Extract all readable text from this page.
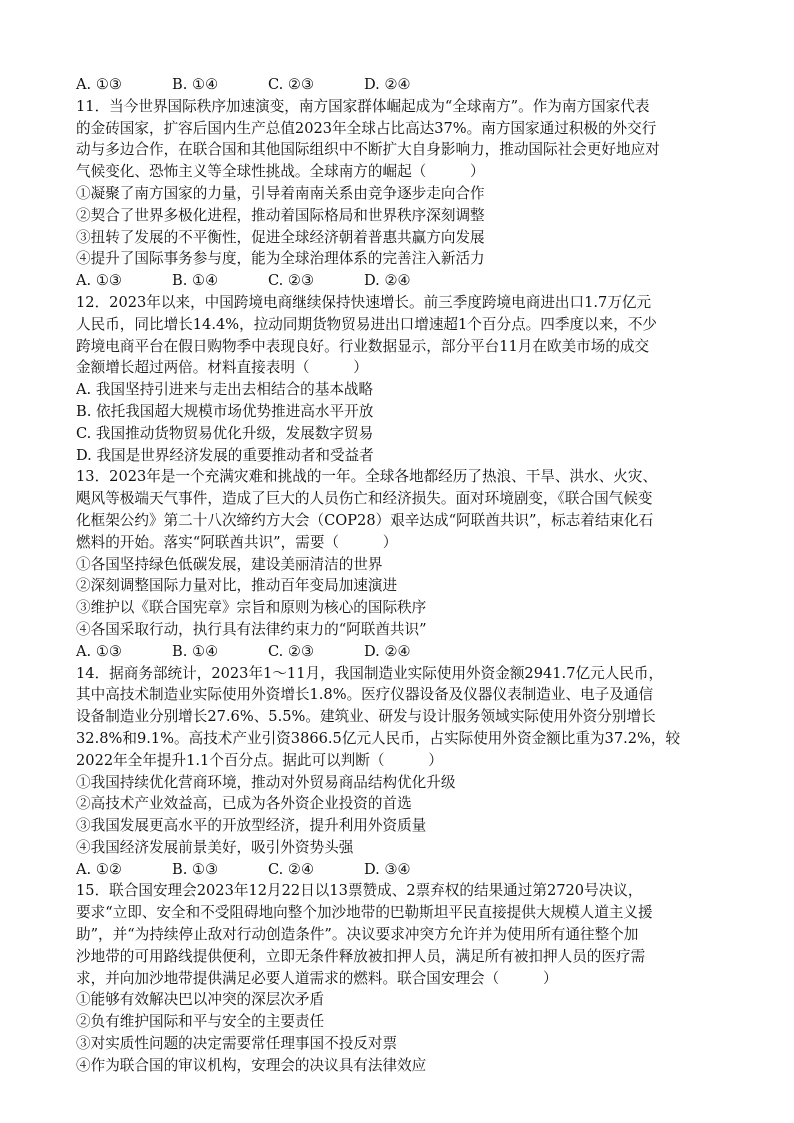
A. ①③	B. ①④	C. ②③	D. ②④
11．当今世界国际秩序加速演变，南方国家群体崛起成为“全球南方”。作为南方国家代表
的金砖国家，扩容后国内生产总值2023年全球占比高达37%。南方国家通过积极的外交行
动与多边合作，在联合国和其他国际组织中不断扩大自身影响力，推动国际社会更好地应对
气候变化、恐怖主义等全球性挑战。全球南方的崛起（　　　）
①凝聚了南方国家的力量，引导着南南关系由竞争逐步走向合作
②契合了世界多极化进程，推动着国际格局和世界秩序深刻调整
③扭转了发展的不平衡性，促进全球经济朝着普惠共赢方向发展
④提升了国际事务参与度，能为全球治理体系的完善注入新活力
A. ①③	B. ①④	C. ②③	D. ②④
12．2023年以来，中国跨境电商继续保持快速增长。前三季度跨境电商进出口1.7万亿元
人民币，同比增长14.4%，拉动同期货物贸易进出口增速超1个百分点。四季度以来，不少
跨境电商平台在假日购物季中表现良好。行业数据显示，部分平台11月在欧美市场的成交
金额增长超过两倍。材料直接表明（　　　）
A. 我国坚持引进来与走出去相结合的基本战略
B. 依托我国超大规模市场优势推进高水平开放
C. 我国推动货物贸易优化升级，发展数字贸易
D. 我国是世界经济发展的重要推动者和受益者
13．2023年是一个充满灾难和挑战的一年。全球各地都经历了热浪、干旱、洪水、火灾、
飓风等极端天气事件，造成了巨大的人员伤亡和经济损失。面对环境剧变，《联合国气候变
化框架公约》第二十八次缔约方大会（COP28）艰辛达成“阿联酋共识”，标志着结束化石
燃料的开始。落实“阿联酋共识”，需要（　　　）
①各国坚持绿色低碳发展，建设美丽清洁的世界
②深刻调整国际力量对比，推动百年变局加速演进
③维护以《联合国宪章》宗旨和原则为核心的国际秩序
④各国采取行动，执行具有法律约束力的“阿联酋共识”
A. ①③	B. ①④	C. ②③	D. ②④
14．据商务部统计，2023年1～11月，我国制造业实际使用外资金额2941.7亿元人民币，
其中高技术制造业实际使用外资增长1.8%。医疗仪器设备及仪器仪表制造业、电子及通信
设备制造业分别增长27.6%、5.5%。建筑业、研发与设计服务领域实际使用外资分别增长
32.8%和9.1%。高技术产业引资3866.5亿元人民币，占实际使用外资金额比重为37.2%，较
2022年全年提升1.1个百分点。据此可以判断（　　　）
①我国持续优化营商环境，推动对外贸易商品结构优化升级
②高技术产业效益高，已成为各外资企业投资的首选
③我国发展更高水平的开放型经济，提升利用外资质量
④我国经济发展前景美好，吸引外资势头强
A. ①②	B. ①③	C. ②④	D. ③④
15．联合国安理会2023年12月22日以13票赞成、2票弃权的结果通过第2720号决议，
要求“立即、安全和不受阻碍地向整个加沙地带的巴勒斯坦平民直接提供大规模人道主义援
助”，并“为持续停止敌对行动创造条件”。决议要求冲突方允许并为使用所有通往整个加
沙地带的可用路线提供便利，立即无条件释放被扣押人员，满足所有被扣押人员的医疗需
求，并向加沙地带提供满足必要人道需求的燃料。联合国安理会（　　　）
①能够有效解决巴以冲突的深层次矛盾
②负有维护国际和平与安全的主要责任
③对实质性问题的决定需要常任理事国不投反对票
④作为联合国的审议机构，安理会的决议具有法律效应
